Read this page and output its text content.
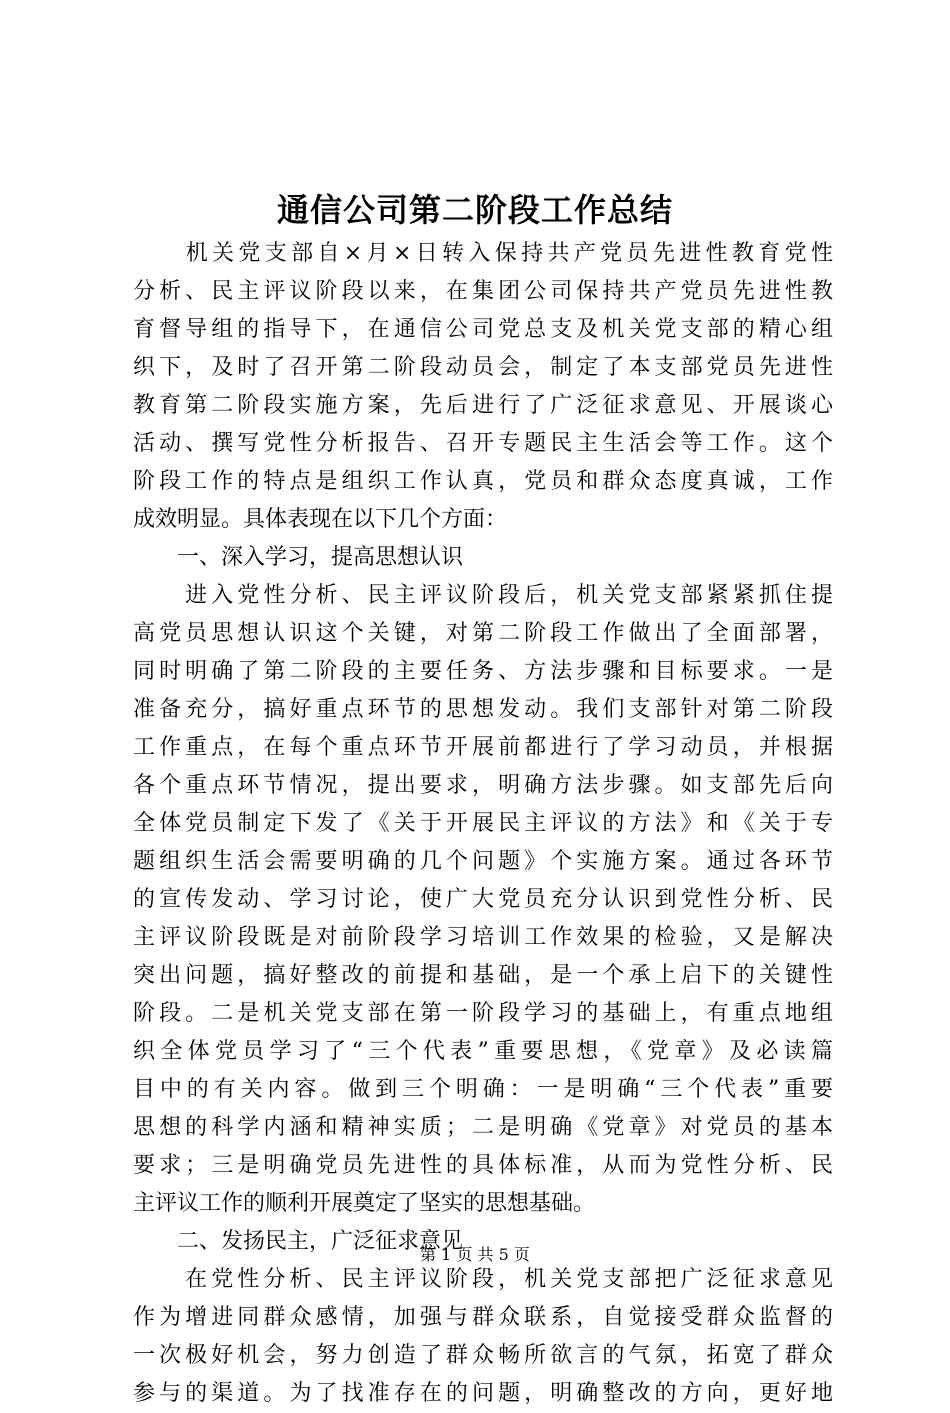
通信公司第二阶段工作总结
　　机关党支部自×月×日转入保持共产党员先进性教育党性
分析、民主评议阶段以来，在集团公司保持共产党员先进性教
育督导组的指导下，在通信公司党总支及机关党支部的精心组
织下，及时了召开第二阶段动员会，制定了本支部党员先进性
教育第二阶段实施方案，先后进行了广泛征求意见、开展谈心
活动、撰写党性分析报告、召开专题民主生活会等工作。这个
阶段工作的特点是组织工作认真，党员和群众态度真诚，工作
成效明显。具体表现在以下几个方面：
　　一、深入学习，提高思想认识
　　进入党性分析、民主评议阶段后，机关党支部紧紧抓住提
高党员思想认识这个关键，对第二阶段工作做出了全面部署，
同时明确了第二阶段的主要任务、方法步骤和目标要求。一是
准备充分，搞好重点环节的思想发动。我们支部针对第二阶段
工作重点，在每个重点环节开展前都进行了学习动员，并根据
各个重点环节情况，提出要求，明确方法步骤。如支部先后向
全体党员制定下发了《关于开展民主评议的方法》和《关于专
题组织生活会需要明确的几个问题》个实施方案。通过各环节
的宣传发动、学习讨论，使广大党员充分认识到党性分析、民
主评议阶段既是对前阶段学习培训工作效果的检验，又是解决
突出问题，搞好整改的前提和基础，是一个承上启下的关键性
阶段。二是机关党支部在第一阶段学习的基础上，有重点地组
织全体党员学习了“三个代表”重要思想，《党章》及必读篇
目中的有关内容。做到三个明确：一是明确“三个代表”重要
思想的科学内涵和精神实质；二是明确《党章》对党员的基本
要求；三是明确党员先进性的具体标准，从而为党性分析、民
主评议工作的顺利开展奠定了坚实的思想基础。
　　二、发扬民主，广泛征求意见
　　在党性分析、民主评议阶段，机关党支部把广泛征求意见
作为增进同群众感情，加强与群众联系，自觉接受群众监督的
一次极好机会，努力创造了群众畅所欲言的气氛，拓宽了群众
参与的渠道。为了找准存在的问题，明确整改的方向，更好地

第 1 页 共 5 页
